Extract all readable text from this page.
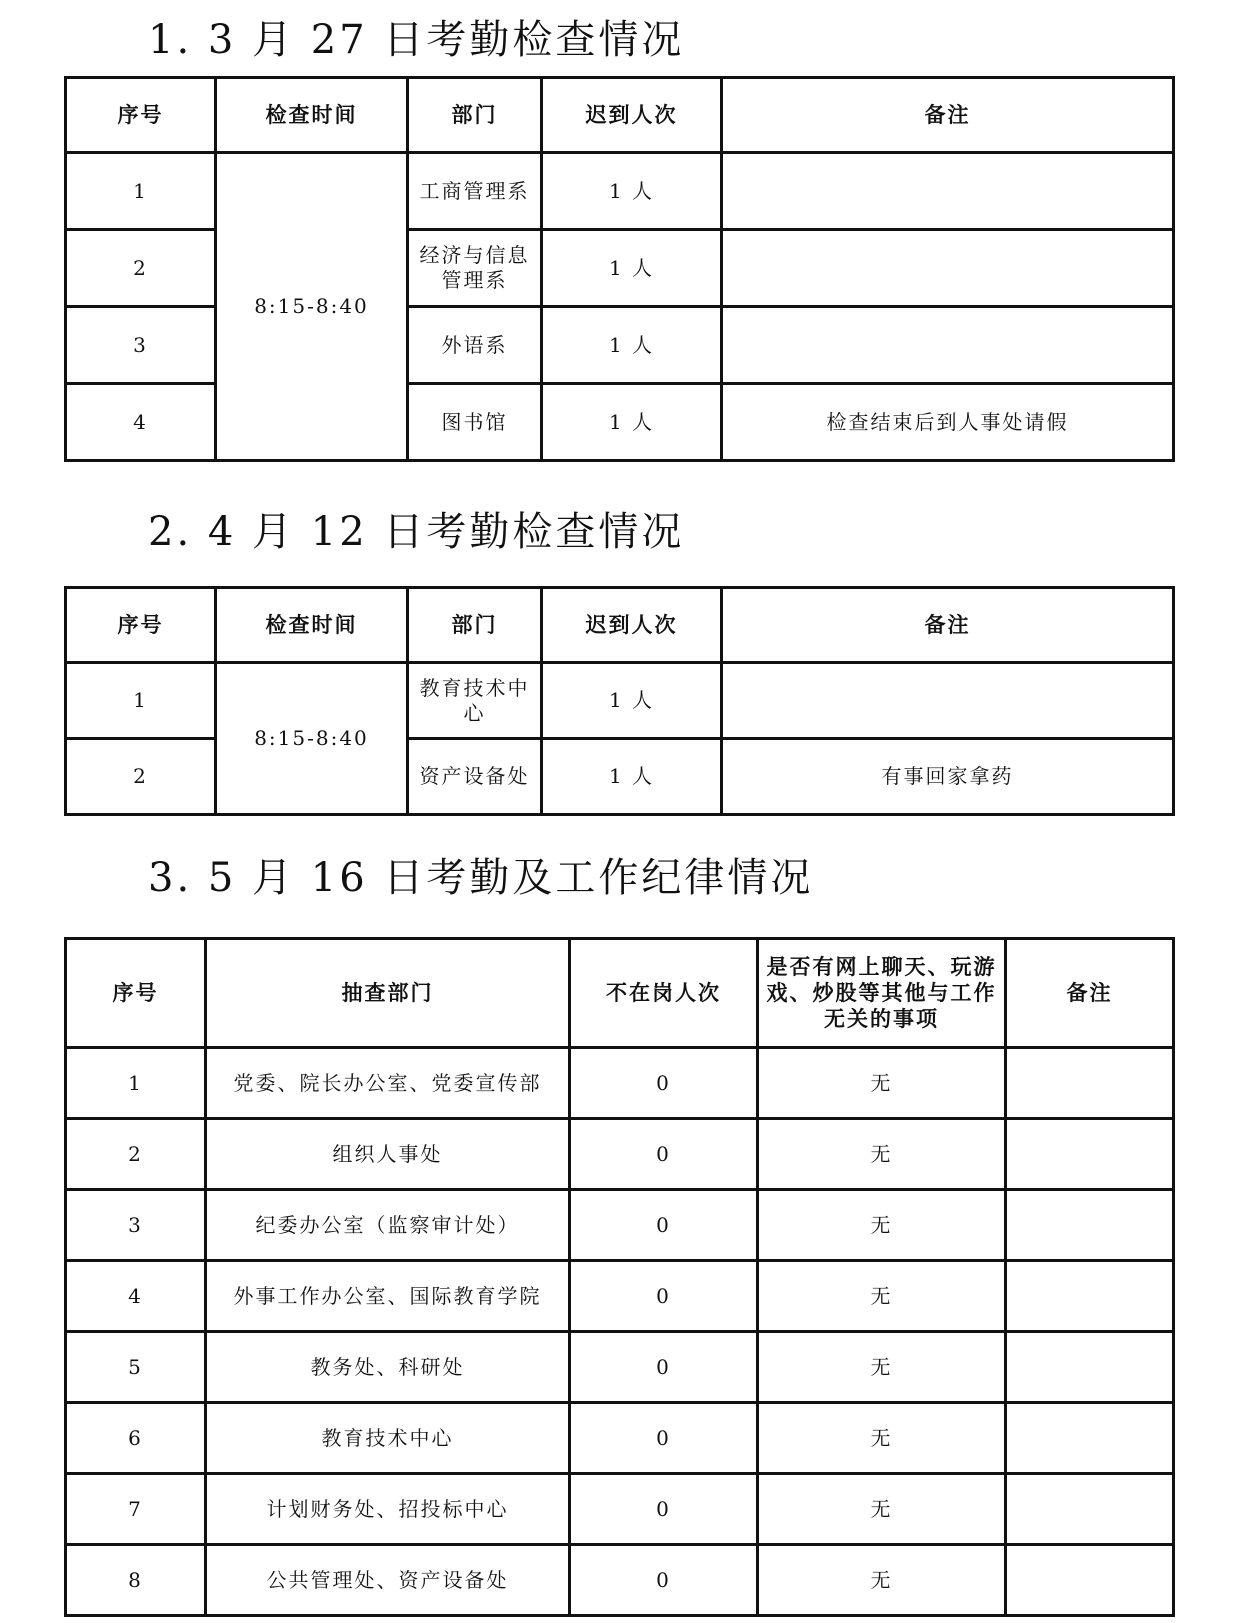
1. 3 月 27 日考勤检查情况
序号	检查时间	部门	迟到人次	备注
1	8:15-8:40	工商管理系	1 人	
2		经济与信息管理系	1 人	
3		外语系	1 人	
4		图书馆	1 人	检查结束后到人事处请假
2. 4 月 12 日考勤检查情况
序号	检查时间	部门	迟到人次	备注
1	8:15-8:40	教育技术中心	1 人	
2		资产设备处	1 人	有事回家拿药
3. 5 月 16 日考勤及工作纪律情况
序号	抽查部门	不在岗人次	是否有网上聊天、玩游戏、炒股等其他与工作无关的事项	备注
1	党委、院长办公室、党委宣传部	0	无	
2	组织人事处	0	无	
3	纪委办公室（监察审计处）	0	无	
4	外事工作办公室、国际教育学院	0	无	
5	教务处、科研处	0	无	
6	教育技术中心	0	无	
7	计划财务处、招投标中心	0	无	
8	公共管理处、资产设备处	0	无	
